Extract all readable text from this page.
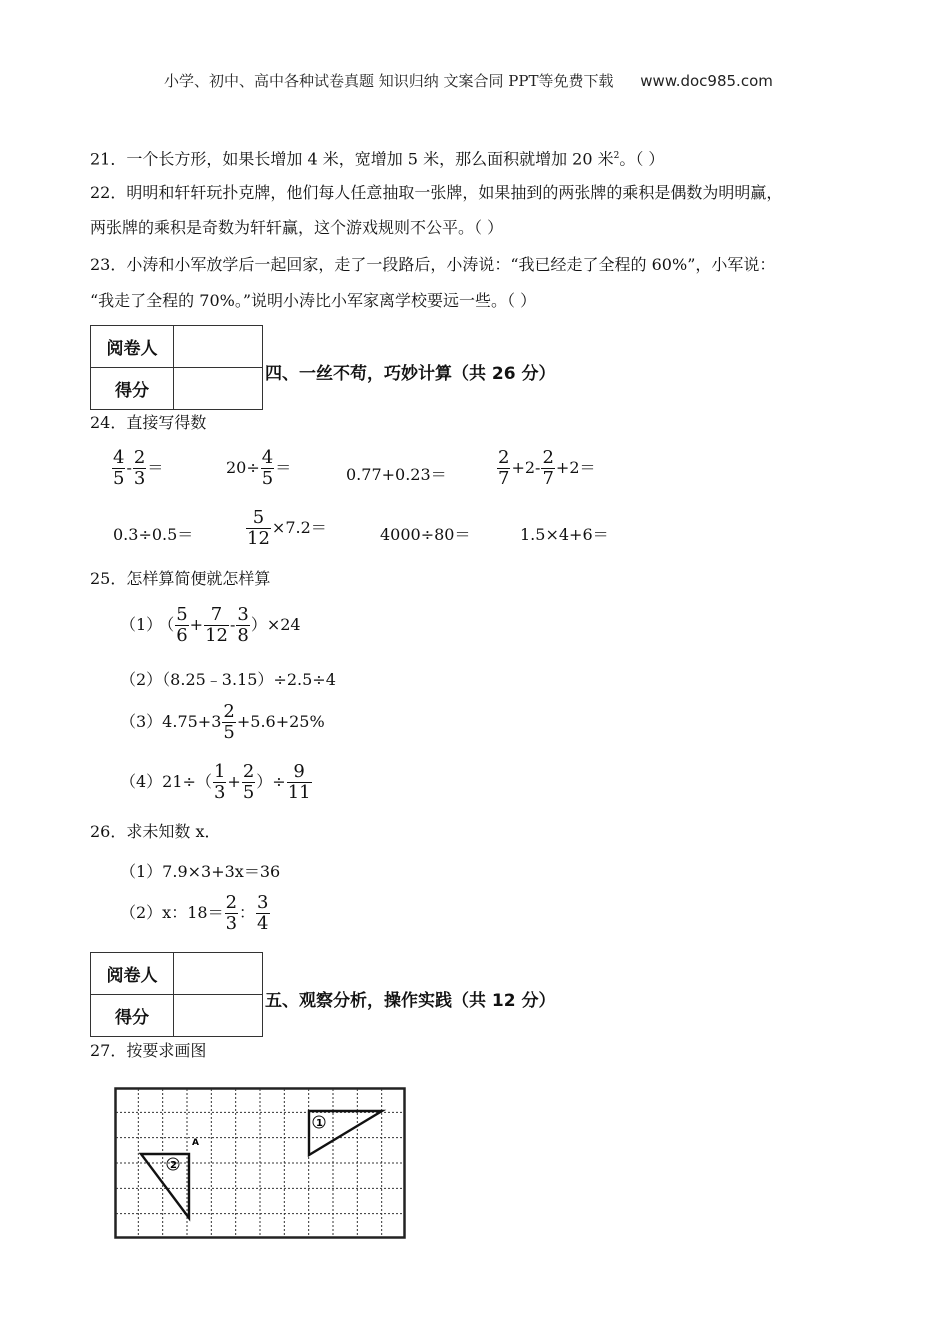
小学、初中、高中各种试卷真题 知识归纳 文案合同 PPT等免费下载 www.doc985.com
21．一个长方形，如果长增加 4 米，宽增加 5 米，那么面积就增加 20 米$^2$。（ ）
22．明明和轩轩玩扑克牌，他们每人任意抽取一张牌，如果抽到的两张牌的乘积是偶数为明明赢，
两张牌的乘积是奇数为轩轩赢，这个游戏规则不公平。（ ）
23．小涛和小军放学后一起回家，走了一段路后，小涛说：“我已经走了全程的 60%”，小军说：
“我走了全程的 70%。”说明小涛比小军家离学校要远一些。（ ）
阅卷人	
得分	
四、一丝不苟，巧妙计算（共 26 分）
24．直接写得数
$\frac{4}{5} - \frac{2}{3}$ ＝	$20\div \frac{4}{5}$ ＝	0.77+0.23＝	$\frac{2}{7} +2- \frac{2}{7} +2=$
0.3÷0.5＝	$\frac{5}{12} \times 7.2=$	4000÷80＝	1.5×4+6＝
25．怎样算简便就怎样算
（1） （ $\frac{5}{6} + \frac{7}{12} - \frac{3}{8} )\times 24$
（2）（8.25﹣3.15）÷2.5÷4
$(3)4.75+3 \frac{2}{5} +5.6+25\%$
$(4)21\div( \frac{1}{3} + \frac{2}{5}$ ）÷ $\frac{9}{11}$
26．求未知数 x．
（1）7.9×3+3x＝36
（2）x：$18= \frac{2}{3}$ ： $\frac{3}{4}$
阅卷人	
得分	
五、观察分析，操作实践（共 12 分）
27．按要求画图
1
2
A
